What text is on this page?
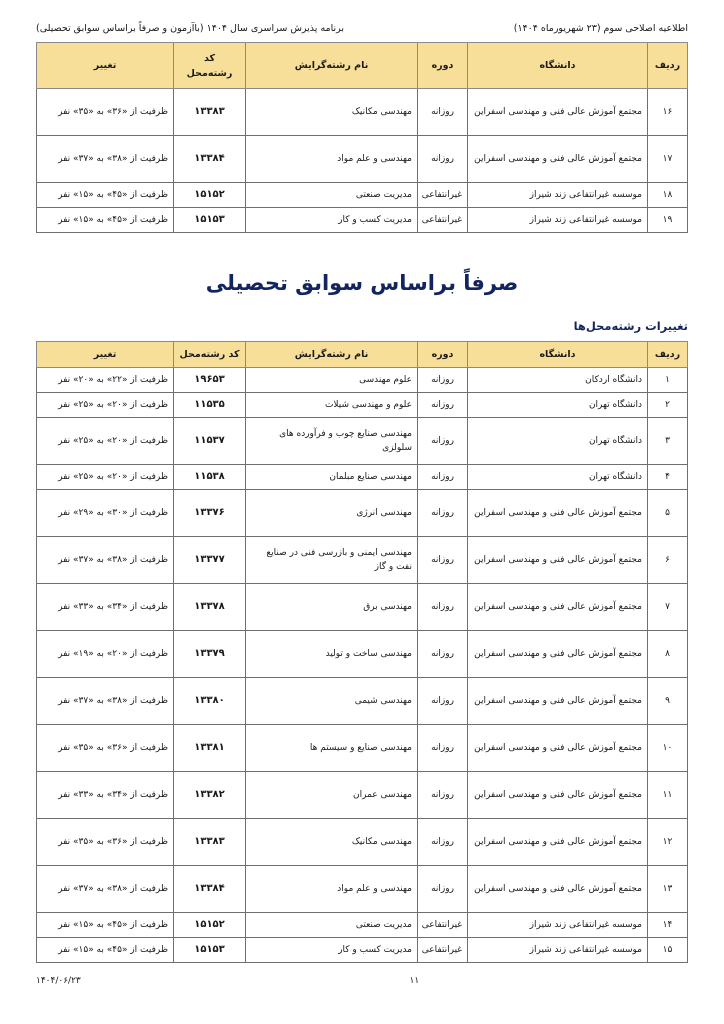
برنامه پذیرش سراسری سال ۱۴۰۴ (باآزمون و صرفاً براساس سوابق تحصیلی)	اطلاعیه اصلاحی سوم (۲۳ شهریورماه ۱۴۰۴)
ردیف	دانشگاه	دوره	نام رشته‌گرایش	کد
رشته‌محل	تغییر
۱۶	مجتمع آموزش عالی فنی و مهندسی اسفراین	روزانه	مهندسی مکانیک	۱۳۳۸۳	ظرفیت از «۳۶» به «۳۵» نفر
۱۷	مجتمع آموزش عالی فنی و مهندسی اسفراین	روزانه	مهندسی و علم مواد	۱۳۳۸۴	ظرفیت از «۳۸» به «۳۷» نفر
۱۸	موسسه غیرانتفاعی زند شیراز	غیرانتفاعی	مدیریت صنعتی	۱۵۱۵۲	ظرفیت از «۴۵» به «۱۵» نفر
۱۹	موسسه غیرانتفاعی زند شیراز	غیرانتفاعی	مدیریت کسب و کار	۱۵۱۵۳	ظرفیت از «۴۵» به «۱۵» نفر
صرفاً براساس سوابق تحصیلی
تغییرات رشته‌محل‌ها
ردیف	دانشگاه	دوره	نام رشته‌گرایش	کد رشته‌محل	تغییر
۱	دانشگاه اردکان	روزانه	علوم مهندسی	۱۹۶۵۳	ظرفیت از «۲۲» به «۲۰» نفر
۲	دانشگاه تهران	روزانه	علوم و مهندسی شیلات	۱۱۵۳۵	ظرفیت از «۲۰» به «۲۵» نفر
۳	دانشگاه تهران	روزانه	مهندسی صنایع چوب و فرآورده های سلولزی	۱۱۵۳۷	ظرفیت از «۲۰» به «۲۵» نفر
۴	دانشگاه تهران	روزانه	مهندسی صنایع مبلمان	۱۱۵۳۸	ظرفیت از «۲۰» به «۲۵» نفر
۵	مجتمع آموزش عالی فنی و مهندسی اسفراین	روزانه	مهندسی انرژی	۱۳۳۷۶	ظرفیت از «۳۰» به «۲۹» نفر
۶	مجتمع آموزش عالی فنی و مهندسی اسفراین	روزانه	مهندسی ایمنی و بازرسی فنی در صنایع نفت و گاز	۱۳۳۷۷	ظرفیت از «۳۸» به «۳۷» نفر
۷	مجتمع آموزش عالی فنی و مهندسی اسفراین	روزانه	مهندسی برق	۱۳۳۷۸	ظرفیت از «۳۴» به «۳۳» نفر
۸	مجتمع آموزش عالی فنی و مهندسی اسفراین	روزانه	مهندسی ساخت و تولید	۱۳۳۷۹	ظرفیت از «۲۰» به «۱۹» نفر
۹	مجتمع آموزش عالی فنی و مهندسی اسفراین	روزانه	مهندسی شیمی	۱۳۳۸۰	ظرفیت از «۳۸» به «۳۷» نفر
۱۰	مجتمع آموزش عالی فنی و مهندسی اسفراین	روزانه	مهندسی صنایع و سیستم ها	۱۳۳۸۱	ظرفیت از «۳۶» به «۳۵» نفر
۱۱	مجتمع آموزش عالی فنی و مهندسی اسفراین	روزانه	مهندسی عمران	۱۳۳۸۲	ظرفیت از «۳۴» به «۳۳» نفر
۱۲	مجتمع آموزش عالی فنی و مهندسی اسفراین	روزانه	مهندسی مکانیک	۱۳۳۸۳	ظرفیت از «۳۶» به «۳۵» نفر
۱۳	مجتمع آموزش عالی فنی و مهندسی اسفراین	روزانه	مهندسی و علم مواد	۱۳۳۸۴	ظرفیت از «۳۸» به «۳۷» نفر
۱۴	موسسه غیرانتفاعی زند شیراز	غیرانتفاعی	مدیریت صنعتی	۱۵۱۵۲	ظرفیت از «۴۵» به «۱۵» نفر
۱۵	موسسه غیرانتفاعی زند شیراز	غیرانتفاعی	مدیریت کسب و کار	۱۵۱۵۳	ظرفیت از «۴۵» به «۱۵» نفر
۱۴۰۴/۰۶/۲۳	۱۱
